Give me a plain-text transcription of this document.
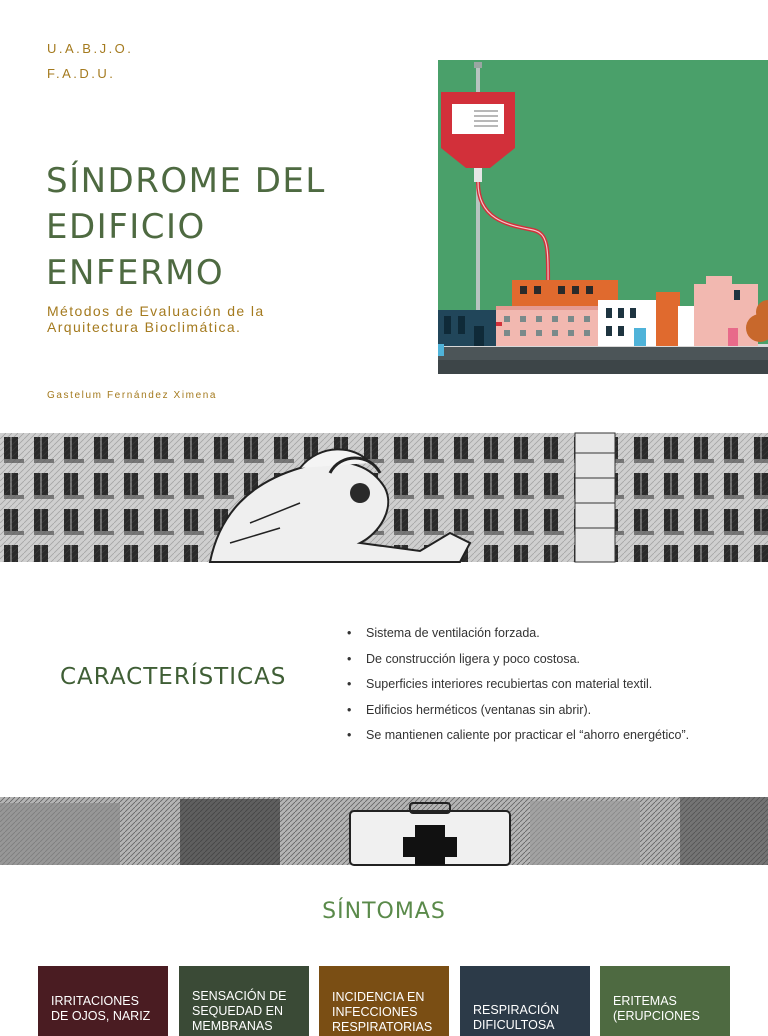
U.A.B.J.O.
F.A.D.U.
SÍNDROME DEL
EDIFICIO
ENFERMO
Métodos de Evaluación de la
Arquitectura Bioclimática.
Gastelum Fernández Ximena
CARACTERÍSTICAS
•	Sistema de ventilación forzada.
•	De construcción ligera y poco costosa.
•	Superficies interiores recubiertas con material textil.
•	Edificios herméticos (ventanas sin abrir).
•	Se mantienen caliente por practicar el “ahorro energético”.
SÍNTOMAS
IRRITACIONES DE OJOS, NARIZ
SENSACIÓN DE SEQUEDAD EN MEMBRANAS
INCIDENCIA EN INFECCIONES RESPIRATORIAS
RESPIRACIÓN DIFICULTOSA
ERITEMAS (ERUPCIONES
